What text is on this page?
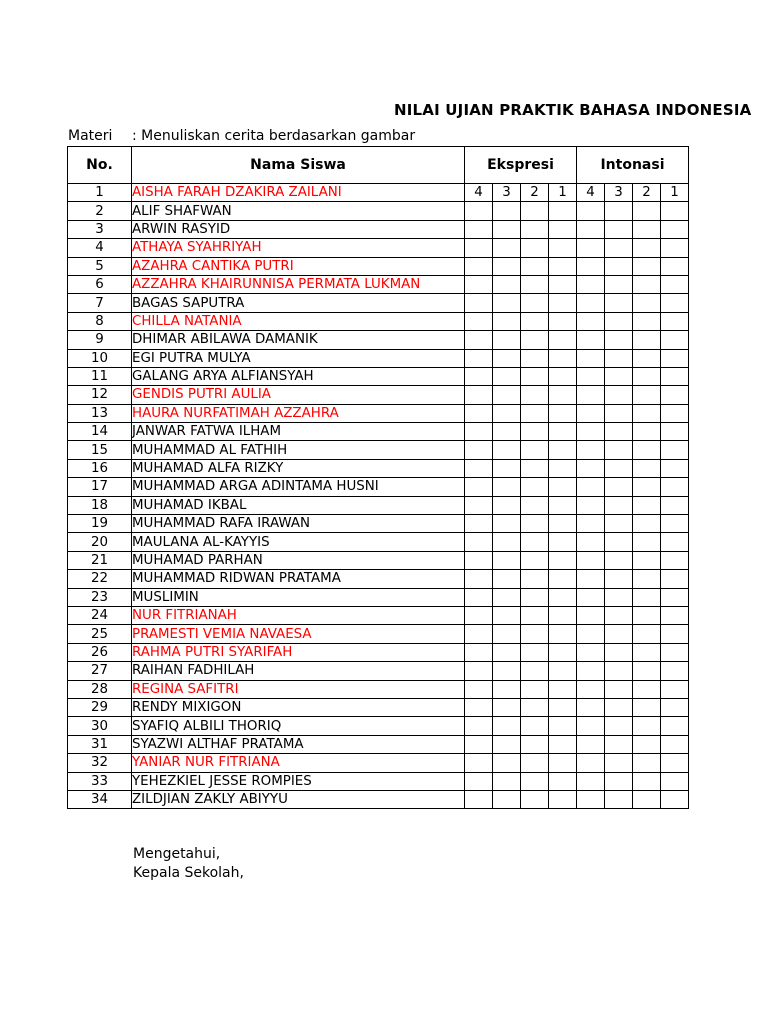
NILAI UJIAN PRAKTIK BAHASA INDONESIA
Materi : Menuliskan cerita berdasarkan gambar
No.	Nama Siswa	Ekspresi				Intonasi			
1	AISHA FARAH DZAKIRA ZAILANI	4	3	2	1	4	3	2	1
2	ALIF SHAFWAN								
3	ARWIN RASYID								
4	ATHAYA SYAHRIYAH								
5	AZAHRA CANTIKA PUTRI								
6	AZZAHRA KHAIRUNNISA PERMATA LUKMAN								
7	BAGAS SAPUTRA								
8	CHILLA NATANIA								
9	DHIMAR ABILAWA DAMANIK								
10	EGI PUTRA MULYA								
11	GALANG ARYA ALFIANSYAH								
12	GENDIS PUTRI AULIA								
13	HAURA NURFATIMAH AZZAHRA								
14	JANWAR FATWA ILHAM								
15	MUHAMMAD AL FATHIH								
16	MUHAMAD ALFA RIZKY								
17	MUHAMMAD ARGA ADINTAMA HUSNI								
18	MUHAMAD IKBAL								
19	MUHAMMAD RAFA IRAWAN								
20	MAULANA AL-KAYYIS								
21	MUHAMAD PARHAN								
22	MUHAMMAD RIDWAN PRATAMA								
23	MUSLIMIN								
24	NUR FITRIANAH								
25	PRAMESTI VEMIA NAVAESA								
26	RAHMA PUTRI SYARIFAH								
27	RAIHAN FADHILAH								
28	REGINA SAFITRI								
29	RENDY MIXIGON								
30	SYAFIQ ALBILI THORIQ								
31	SYAZWI ALTHAF PRATAMA								
32	YANIAR NUR FITRIANA								
33	YEHEZKIEL JESSE ROMPIES								
34	ZILDJIAN ZAKLY ABIYYU								
Mengetahui,
Kepala Sekolah,
